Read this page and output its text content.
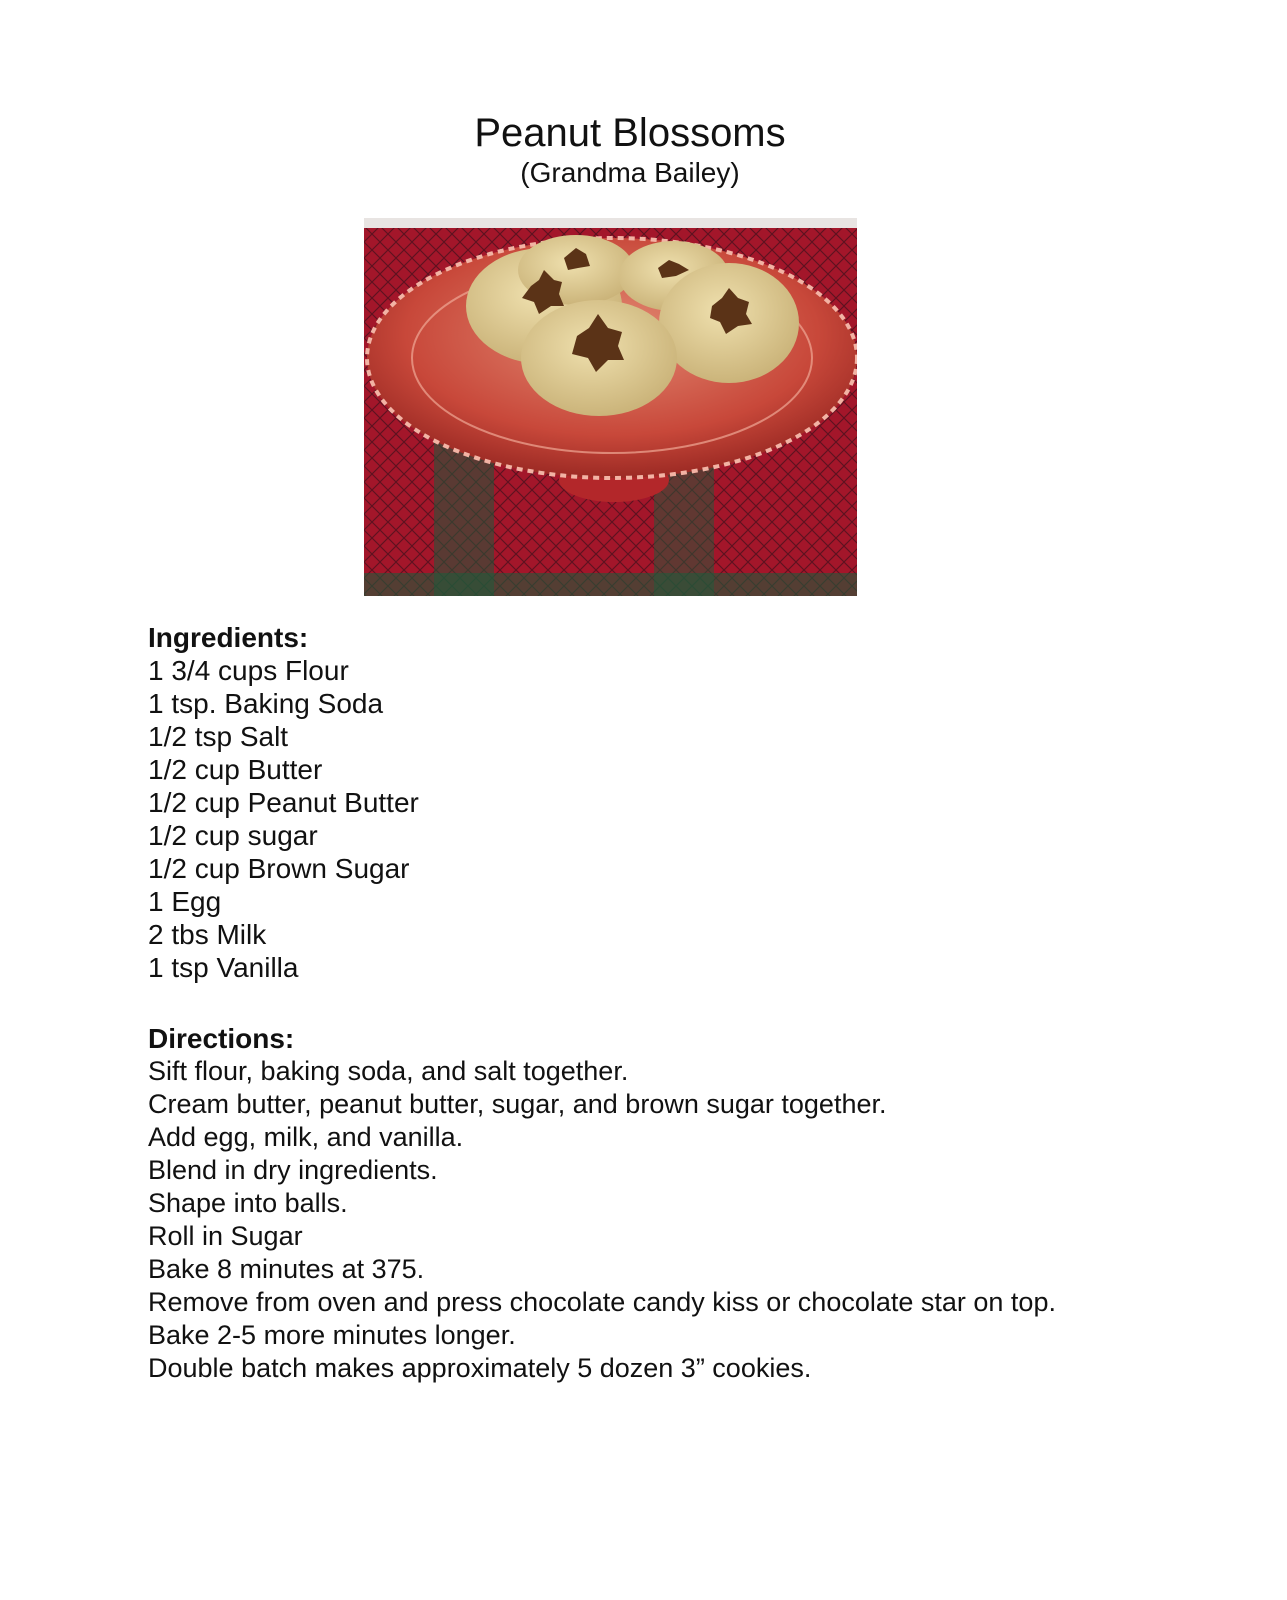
Peanut Blossoms
(Grandma Bailey)
Ingredients:
1 3/4 cups Flour
1 tsp. Baking Soda
1/2 tsp Salt
1/2 cup Butter
1/2 cup Peanut Butter
1/2 cup sugar
1/2 cup Brown Sugar
1 Egg
2 tbs Milk
1 tsp Vanilla
Directions:
Sift flour, baking soda, and salt together.
Cream butter, peanut butter, sugar, and brown sugar together.
Add egg, milk, and vanilla.
Blend in dry ingredients.
Shape into balls.
Roll in Sugar
Bake 8 minutes at 375.
Remove from oven and press chocolate candy kiss or chocolate star on top.
Bake 2-5 more minutes longer.
Double batch makes approximately 5 dozen 3” cookies.
